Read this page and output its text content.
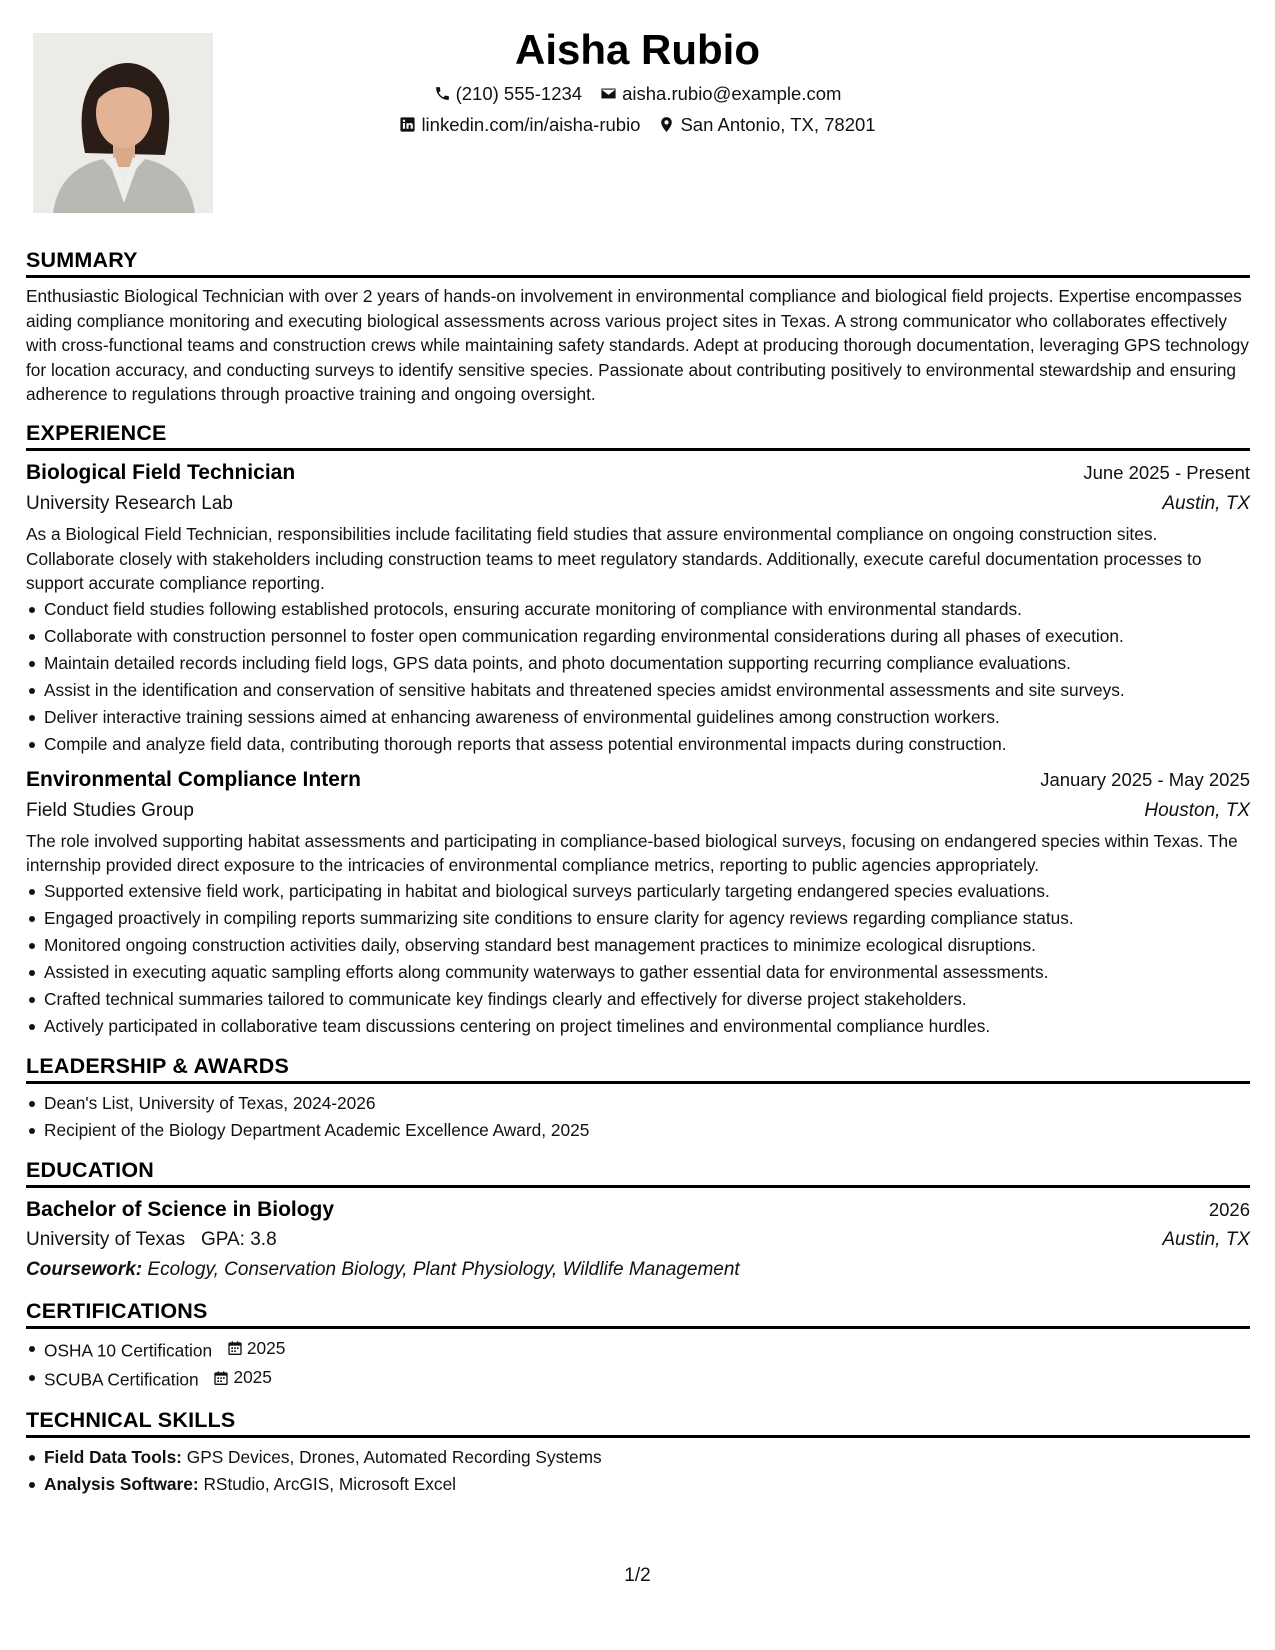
Aisha Rubio
(210) 555-1234 aisha.rubio@example.com
linkedin.com/in/aisha-rubio San Antonio, TX, 78201
SUMMARY
Enthusiastic Biological Technician with over 2 years of hands-on involvement in environmental compliance and biological field projects. Expertise encompasses aiding compliance monitoring and executing biological assessments across various project sites in Texas. A strong communicator who collaborates effectively with cross-functional teams and construction crews while maintaining safety standards. Adept at producing thorough documentation, leveraging GPS technology for location accuracy, and conducting surveys to identify sensitive species. Passionate about contributing positively to environmental stewardship and ensuring adherence to regulations through proactive training and ongoing oversight.
EXPERIENCE
Biological Field Technician	June 2025 - Present
University Research Lab	Austin, TX
As a Biological Field Technician, responsibilities include facilitating field studies that assure environmental compliance on ongoing construction sites. Collaborate closely with stakeholders including construction teams to meet regulatory standards. Additionally, execute careful documentation processes to support accurate compliance reporting.
Conduct field studies following established protocols, ensuring accurate monitoring of compliance with environmental standards.
Collaborate with construction personnel to foster open communication regarding environmental considerations during all phases of execution.
Maintain detailed records including field logs, GPS data points, and photo documentation supporting recurring compliance evaluations.
Assist in the identification and conservation of sensitive habitats and threatened species amidst environmental assessments and site surveys.
Deliver interactive training sessions aimed at enhancing awareness of environmental guidelines among construction workers.
Compile and analyze field data, contributing thorough reports that assess potential environmental impacts during construction.
Environmental Compliance Intern	January 2025 - May 2025
Field Studies Group	Houston, TX
The role involved supporting habitat assessments and participating in compliance-based biological surveys, focusing on endangered species within Texas. The internship provided direct exposure to the intricacies of environmental compliance metrics, reporting to public agencies appropriately.
Supported extensive field work, participating in habitat and biological surveys particularly targeting endangered species evaluations.
Engaged proactively in compiling reports summarizing site conditions to ensure clarity for agency reviews regarding compliance status.
Monitored ongoing construction activities daily, observing standard best management practices to minimize ecological disruptions.
Assisted in executing aquatic sampling efforts along community waterways to gather essential data for environmental assessments.
Crafted technical summaries tailored to communicate key findings clearly and effectively for diverse project stakeholders.
Actively participated in collaborative team discussions centering on project timelines and environmental compliance hurdles.
LEADERSHIP & AWARDS
Dean's List, University of Texas, 2024-2026
Recipient of the Biology Department Academic Excellence Award, 2025
EDUCATION
Bachelor of Science in Biology	2026
University of Texas GPA: 3.8	Austin, TX
Coursework: Ecology, Conservation Biology, Plant Physiology, Wildlife Management
CERTIFICATIONS
OSHA 10 Certification 2025
SCUBA Certification 2025
TECHNICAL SKILLS
Field Data Tools: GPS Devices, Drones, Automated Recording Systems
Analysis Software: RStudio, ArcGIS, Microsoft Excel
1/2
